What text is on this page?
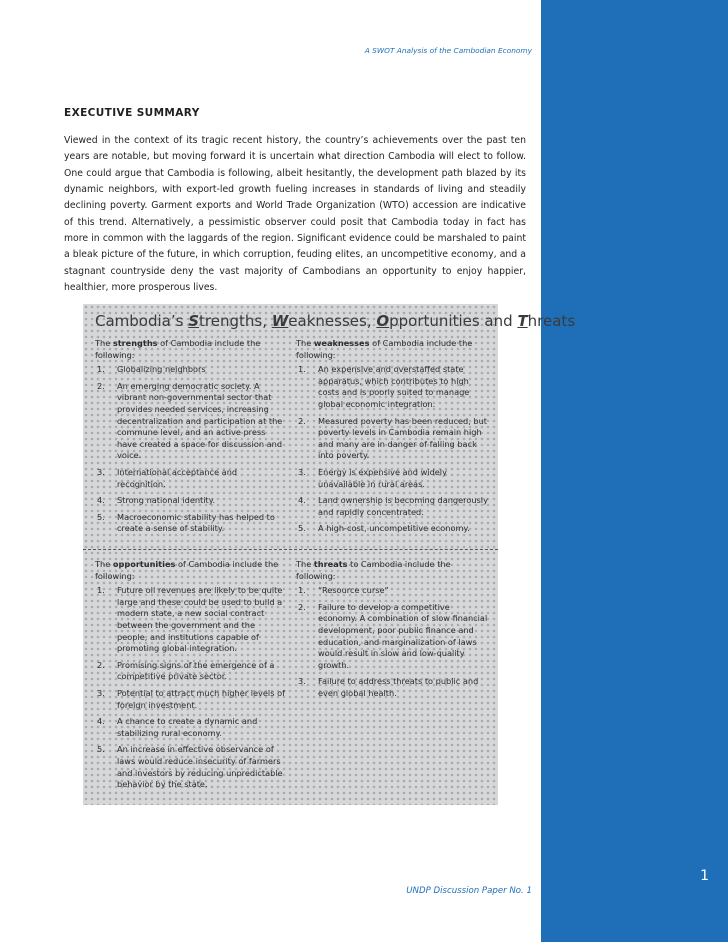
1
A SWOT Analysis of the Cambodian Economy
EXECUTIVE SUMMARY
Viewed in the context of its tragic recent history, the country’s achievements over the past ten years are notable, but moving forward it is uncertain what direction Cambodia will elect to follow. One could argue that Cambodia is following, albeit hesitantly, the development path blazed by its dynamic neighbors, with export-led growth fueling increases in standards of living and steadily declining poverty. Garment exports and World Trade Organization (WTO) accession are indicative of this trend. Alternatively, a pessimistic observer could posit that Cambodia today in fact has more in common with the laggards of the region. Significant evidence could be marshaled to paint a bleak picture of the future, in which corruption, feuding elites, an uncompetitive economy, and a stagnant countryside deny the vast majority of Cambodians an opportunity to enjoy happier, healthier, more prosperous lives.
Cambodia’s Strengths, Weaknesses, Opportunities and Threats
The strengths of Cambodia include the following:
1. Globalizing neighbors
2. An emerging democratic society. A vibrant non-governmental sector that provides needed services, increasing decentralization and participation at the commune level, and an active press have created a space for discussion and voice.
3. International acceptance and recognition.
4. Strong national identity.
5. Macroeconomic stability has helped to create a sense of stability.
The weaknesses of Cambodia include the following:
1. An expensive and overstaffed state apparatus, which contributes to high costs and is poorly suited to manage global economic integration.
2. Measured poverty has been reduced, but poverty levels in Cambodia remain high and many are in danger of falling back into poverty.
3. Energy is expensive and widely unavailable in rural areas.
4. Land ownership is becoming dangerously and rapidly concentrated.
5. A high-cost, uncompetitive economy.
The opportunities of Cambodia include the following:
1. Future oil revenues are likely to be quite large and these could be used to build a modern state, a new social contract between the government and the people, and institutions capable of promoting global integration.
2. Promising signs of the emergence of a competitive private sector.
3. Potential to attract much higher levels of foreign investment.
4. A chance to create a dynamic and stabilizing rural economy.
5. An increase in effective observance of laws would reduce insecurity of farmers and investors by reducing unpredictable behavior by the state.
The threats to Cambodia include the following:
1. “Resource curse”
2. Failure to develop a competitive economy. A combination of slow financial development, poor public finance and education, and marginalization of laws would result in slow and low-quality growth.
3. Failure to address threats to public and even global health.
UNDP Discussion Paper No. 1
